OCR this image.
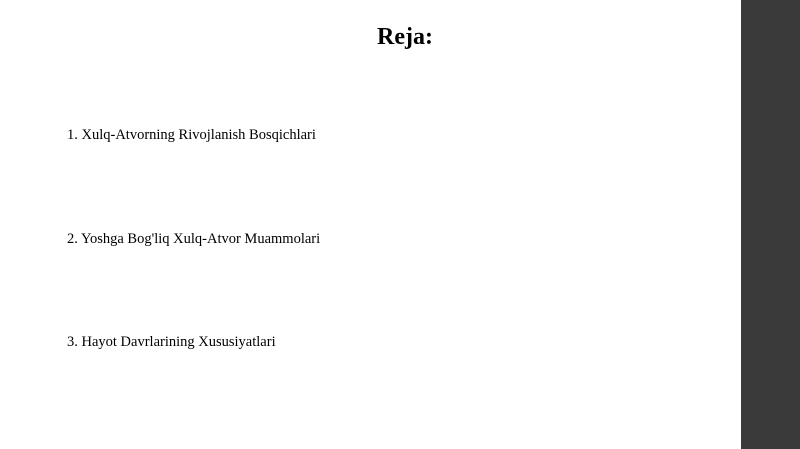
Reja:

1. Xulq-Atvorning Rivojlanish Bosqichlari

2. Yoshga Bog'liq Xulq-Atvor Muammolari

3. Hayot Davrlarining Xususiyatlari
